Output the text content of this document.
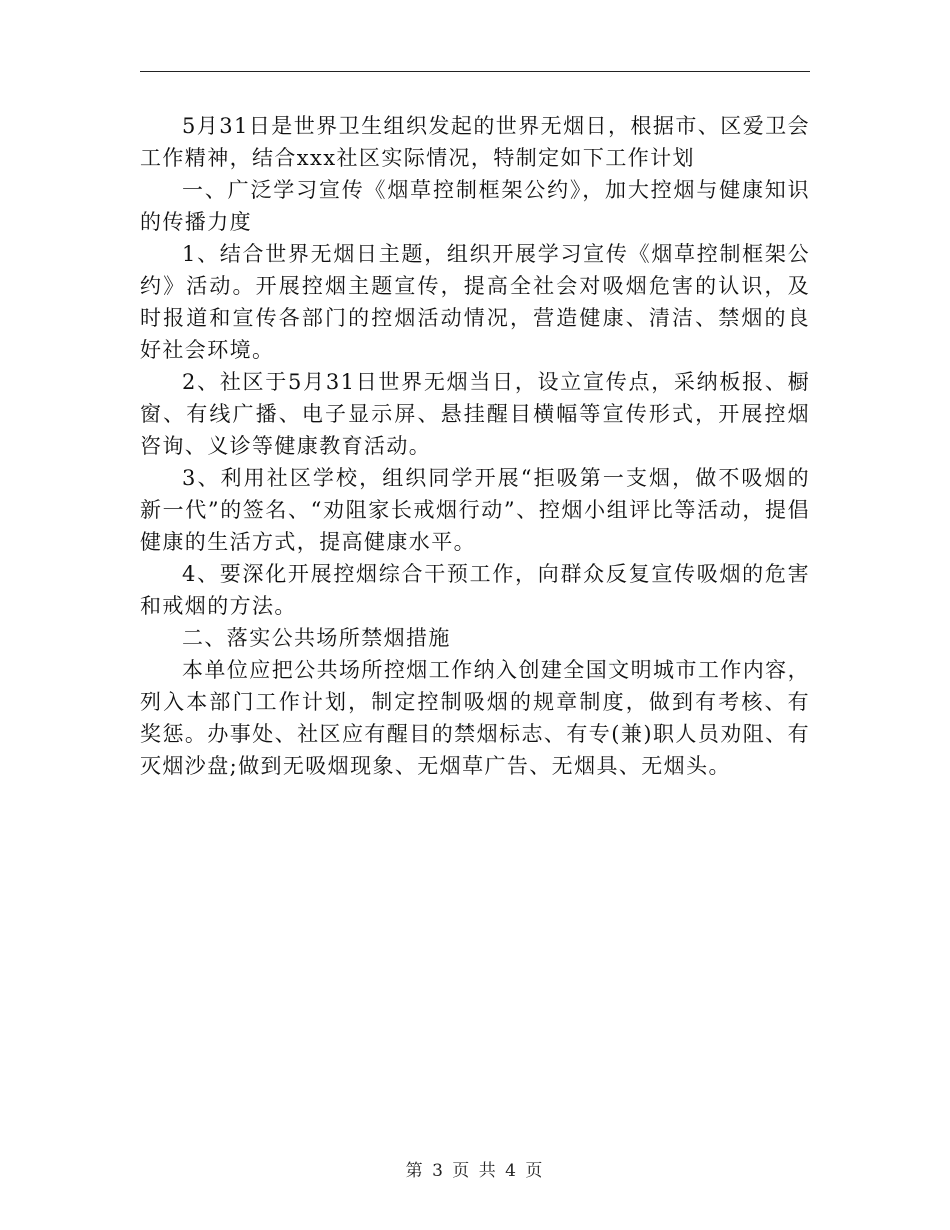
5月31日是世界卫生组织发起的世界无烟日，根据市、区爱卫会工作精神，结合xxx社区实际情况，特制定如下工作计划

一、广泛学习宣传《烟草控制框架公约》，加大控烟与健康知识的传播力度

1、结合世界无烟日主题，组织开展学习宣传《烟草控制框架公约》活动。开展控烟主题宣传，提高全社会对吸烟危害的认识，及时报道和宣传各部门的控烟活动情况，营造健康、清洁、禁烟的良好社会环境。

2、社区于5月31日世界无烟当日，设立宣传点，采纳板报、橱窗、有线广播、电子显示屏、悬挂醒目横幅等宣传形式，开展控烟咨询、义诊等健康教育活动。

3、利用社区学校，组织同学开展“拒吸第一支烟，做不吸烟的新一代”的签名、“劝阻家长戒烟行动”、控烟小组评比等活动，提倡健康的生活方式，提高健康水平。

4、要深化开展控烟综合干预工作，向群众反复宣传吸烟的危害和戒烟的方法。

二、落实公共场所禁烟措施

本单位应把公共场所控烟工作纳入创建全国文明城市工作内容，列入本部门工作计划，制定控制吸烟的规章制度，做到有考核、有奖惩。办事处、社区应有醒目的禁烟标志、有专(兼)职人员劝阻、有灭烟沙盘;做到无吸烟现象、无烟草广告、无烟具、无烟头。

第 3 页 共 4 页
